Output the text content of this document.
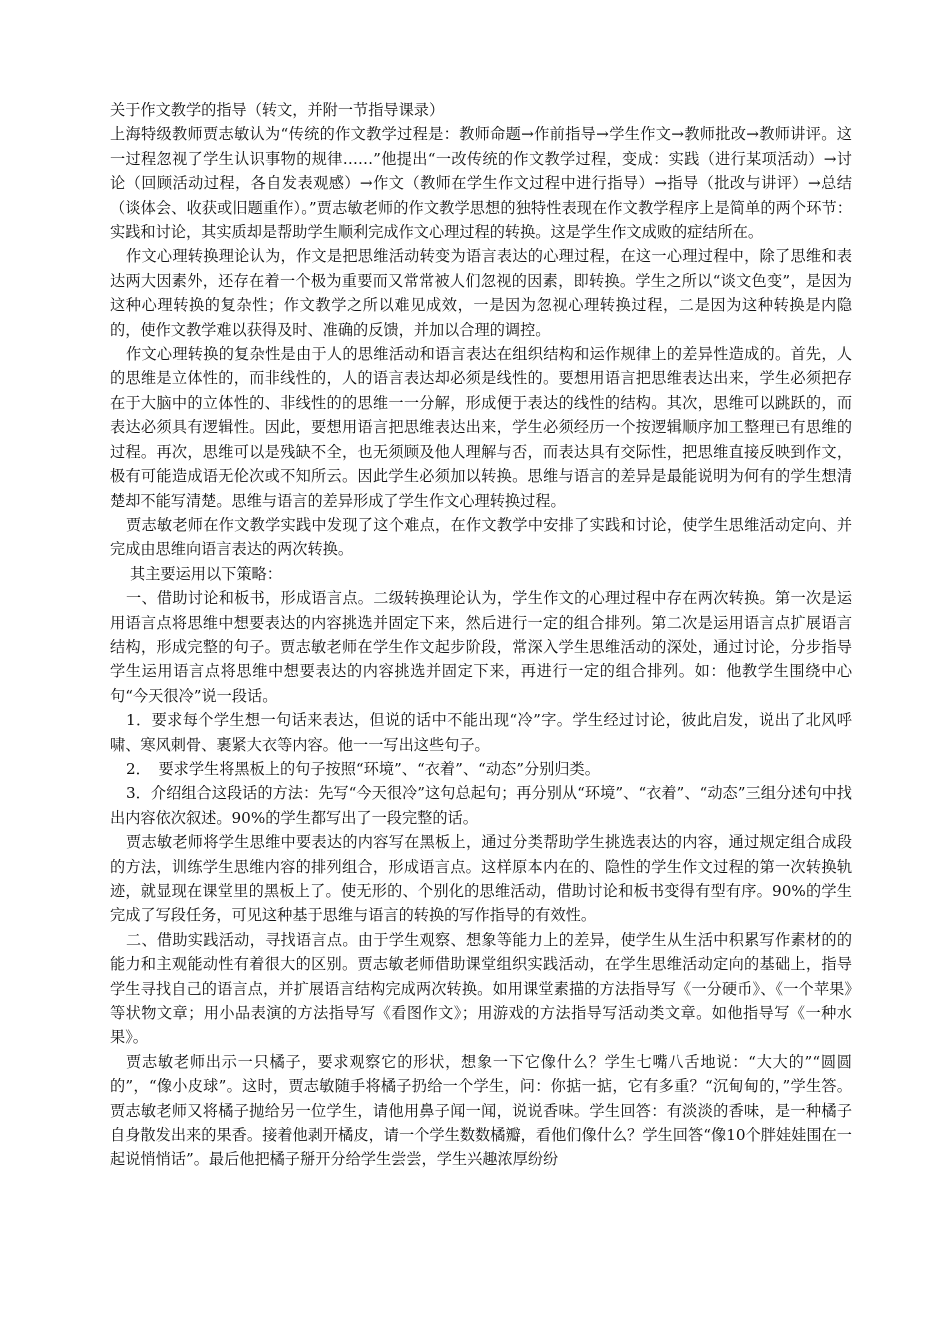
关于作文教学的指导（转文，并附一节指导课录）

上海特级教师贾志敏认为“传统的作文教学过程是：教师命题→作前指导→学生作文→教师批改→教师讲评。这一过程忽视了学生认识事物的规律……”他提出“一改传统的作文教学过程，变成：实践（进行某项活动）→讨论（回顾活动过程，各自发表观感）→作文（教师在学生作文过程中进行指导）→指导（批改与讲评）→总结（谈体会、收获或旧题重作）。”贾志敏老师的作文教学思想的独特性表现在作文教学程序上是简单的两个环节：实践和讨论，其实质却是帮助学生顺利完成作文心理过程的转换。这是学生作文成败的症结所在。

作文心理转换理论认为，作文是把思维活动转变为语言表达的心理过程，在这一心理过程中，除了思维和表达两大因素外，还存在着一个极为重要而又常常被人们忽视的因素，即转换。学生之所以“谈文色变”，是因为这种心理转换的复杂性；作文教学之所以难见成效，一是因为忽视心理转换过程，二是因为这种转换是内隐的，使作文教学难以获得及时、准确的反馈，并加以合理的调控。

作文心理转换的复杂性是由于人的思维活动和语言表达在组织结构和运作规律上的差异性造成的。首先，人的思维是立体性的，而非线性的，人的语言表达却必须是线性的。要想用语言把思维表达出来，学生必须把存在于大脑中的立体性的、非线性的的思维一一分解，形成便于表达的线性的结构。其次，思维可以跳跃的，而表达必须具有逻辑性。因此，要想用语言把思维表达出来，学生必须经历一个按逻辑顺序加工整理已有思维的过程。再次，思维可以是残缺不全，也无须顾及他人理解与否，而表达具有交际性，把思维直接反映到作文，极有可能造成语无伦次或不知所云。因此学生必须加以转换。思维与语言的差异是最能说明为何有的学生想清楚却不能写清楚。思维与语言的差异形成了学生作文心理转换过程。

贾志敏老师在作文教学实践中发现了这个难点，在作文教学中安排了实践和讨论，使学生思维活动定向、并完成由思维向语言表达的两次转换。

其主要运用以下策略：

一、借助讨论和板书，形成语言点。二级转换理论认为，学生作文的心理过程中存在两次转换。第一次是运用语言点将思维中想要表达的内容挑选并固定下来，然后进行一定的组合排列。第二次是运用语言点扩展语言结构，形成完整的句子。贾志敏老师在学生作文起步阶段，常深入学生思维活动的深处，通过讨论，分步指导学生运用语言点将思维中想要表达的内容挑选并固定下来，再进行一定的组合排列。如：他教学生围绕中心句“今天很冷”说一段话。

1．要求每个学生想一句话来表达，但说的话中不能出现“冷”字。学生经过讨论，彼此启发，说出了北风呼啸、寒风刺骨、裹紧大衣等内容。他一一写出这些句子。

2．　要求学生将黑板上的句子按照“环境”、“衣着”、“动态”分别归类。

3．介绍组合这段话的方法：先写“今天很冷”这句总起句；再分别从“环境”、“衣着”、“动态”三组分述句中找出内容依次叙述。90%的学生都写出了一段完整的话。

贾志敏老师将学生思维中要表达的内容写在黑板上，通过分类帮助学生挑选表达的内容，通过规定组合成段的方法，训练学生思维内容的排列组合，形成语言点。这样原本内在的、隐性的学生作文过程的第一次转换轨迹，就显现在课堂里的黑板上了。使无形的、个别化的思维活动，借助讨论和板书变得有型有序。90%的学生完成了写段任务，可见这种基于思维与语言的转换的写作指导的有效性。

二、借助实践活动，寻找语言点。由于学生观察、想象等能力上的差异，使学生从生活中积累写作素材的的能力和主观能动性有着很大的区别。贾志敏老师借助课堂组织实践活动，在学生思维活动定向的基础上，指导学生寻找自己的语言点，并扩展语言结构完成两次转换。如用课堂素描的方法指导写《一分硬币》、《一个苹果》等状物文章；用小品表演的方法指导写《看图作文》；用游戏的方法指导写活动类文章。如他指导写《一种水果》。

贾志敏老师出示一只橘子，要求观察它的形状，想象一下它像什么？学生七嘴八舌地说：“大大的”“圆圆的”，“像小皮球”。这时，贾志敏随手将橘子扔给一个学生，问：你掂一掂，它有多重？“沉甸甸的，”学生答。贾志敏老师又将橘子抛给另一位学生，请他用鼻子闻一闻，说说香味。学生回答：有淡淡的香味，是一种橘子自身散发出来的果香。接着他剥开橘皮，请一个学生数数橘瓣，看他们像什么？学生回答“像10个胖娃娃围在一起说悄悄话”。最后他把橘子掰开分给学生尝尝，学生兴趣浓厚纷纷
